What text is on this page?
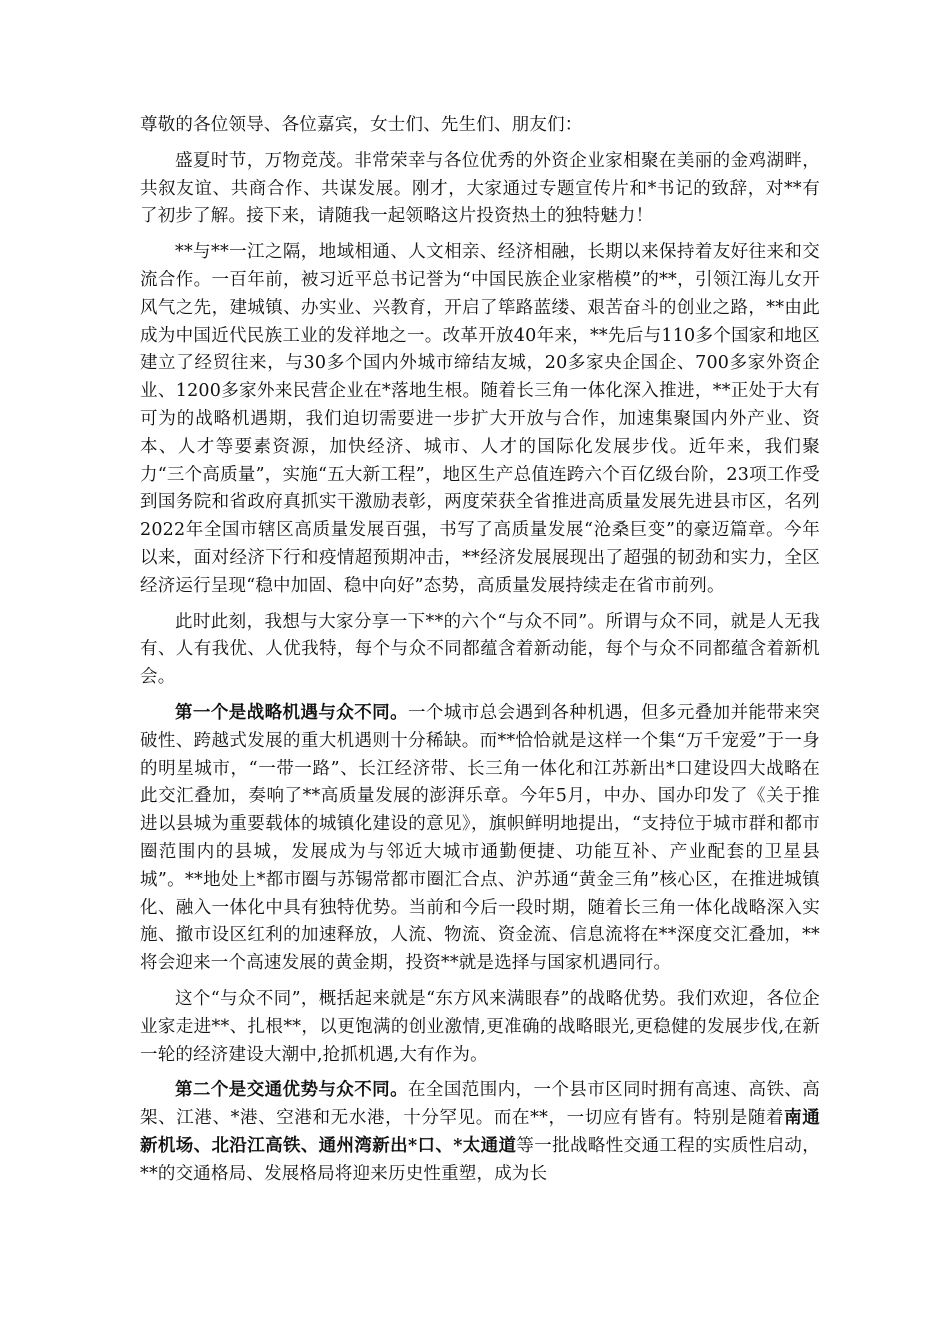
尊敬的各位领导、各位嘉宾，女士们、先生们、朋友们：

盛夏时节，万物竞茂。非常荣幸与各位优秀的外资企业家相聚在美丽的金鸡湖畔，共叙友谊、共商合作、共谋发展。刚才，大家通过专题宣传片和*书记的致辞，对**有了初步了解。接下来，请随我一起领略这片投资热土的独特魅力！

**与**一江之隔，地域相通、人文相亲、经济相融，长期以来保持着友好往来和交流合作。一百年前，被习近平总书记誉为“中国民族企业家楷模”的**，引领江海儿女开风气之先，建城镇、办实业、兴教育，开启了筚路蓝缕、艰苦奋斗的创业之路，**由此成为中国近代民族工业的发祥地之一。改革开放40年来，**先后与110多个国家和地区建立了经贸往来，与30多个国内外城市缔结友城，20多家央企国企、700多家外资企业、1200多家外来民营企业在*落地生根。随着长三角一体化深入推进，**正处于大有可为的战略机遇期，我们迫切需要进一步扩大开放与合作，加速集聚国内外产业、资本、人才等要素资源，加快经济、城市、人才的国际化发展步伐。近年来，我们聚力“三个高质量”，实施“五大新工程”，地区生产总值连跨六个百亿级台阶，23项工作受到国务院和省政府真抓实干激励表彰，两度荣获全省推进高质量发展先进县市区，名列2022年全国市辖区高质量发展百强，书写了高质量发展“沧桑巨变”的豪迈篇章。今年以来，面对经济下行和疫情超预期冲击，**经济发展展现出了超强的韧劲和实力，全区经济运行呈现“稳中加固、稳中向好”态势，高质量发展持续走在省市前列。

此时此刻，我想与大家分享一下**的六个“与众不同”。所谓与众不同，就是人无我有、人有我优、人优我特，每个与众不同都蕴含着新动能，每个与众不同都蕴含着新机会。

第一个是战略机遇与众不同。一个城市总会遇到各种机遇，但多元叠加并能带来突破性、跨越式发展的重大机遇则十分稀缺。而**恰恰就是这样一个集“万千宠爱”于一身的明星城市，“一带一路”、长江经济带、长三角一体化和江苏新出*口建设四大战略在此交汇叠加，奏响了**高质量发展的澎湃乐章。今年5月，中办、国办印发了《关于推进以县城为重要载体的城镇化建设的意见》，旗帜鲜明地提出，“支持位于城市群和都市圈范围内的县城，发展成为与邻近大城市通勤便捷、功能互补、产业配套的卫星县城”。**地处上*都市圈与苏锡常都市圈汇合点、沪苏通“黄金三角”核心区，在推进城镇化、融入一体化中具有独特优势。当前和今后一段时期，随着长三角一体化战略深入实施、撤市设区红利的加速释放，人流、物流、资金流、信息流将在**深度交汇叠加，**将会迎来一个高速发展的黄金期，投资**就是选择与国家机遇同行。

这个“与众不同”，概括起来就是“东方风来满眼春”的战略优势。我们欢迎，各位企业家走进**、扎根**，以更饱满的创业激情,更准确的战略眼光,更稳健的发展步伐,在新一轮的经济建设大潮中,抢抓机遇,大有作为。

第二个是交通优势与众不同。在全国范围内，一个县市区同时拥有高速、高铁、高架、江港、*港、空港和无水港，十分罕见。而在**，一切应有皆有。特别是随着南通新机场、北沿江高铁、通州湾新出*口、*太通道等一批战略性交通工程的实质性启动，**的交通格局、发展格局将迎来历史性重塑，成为长
